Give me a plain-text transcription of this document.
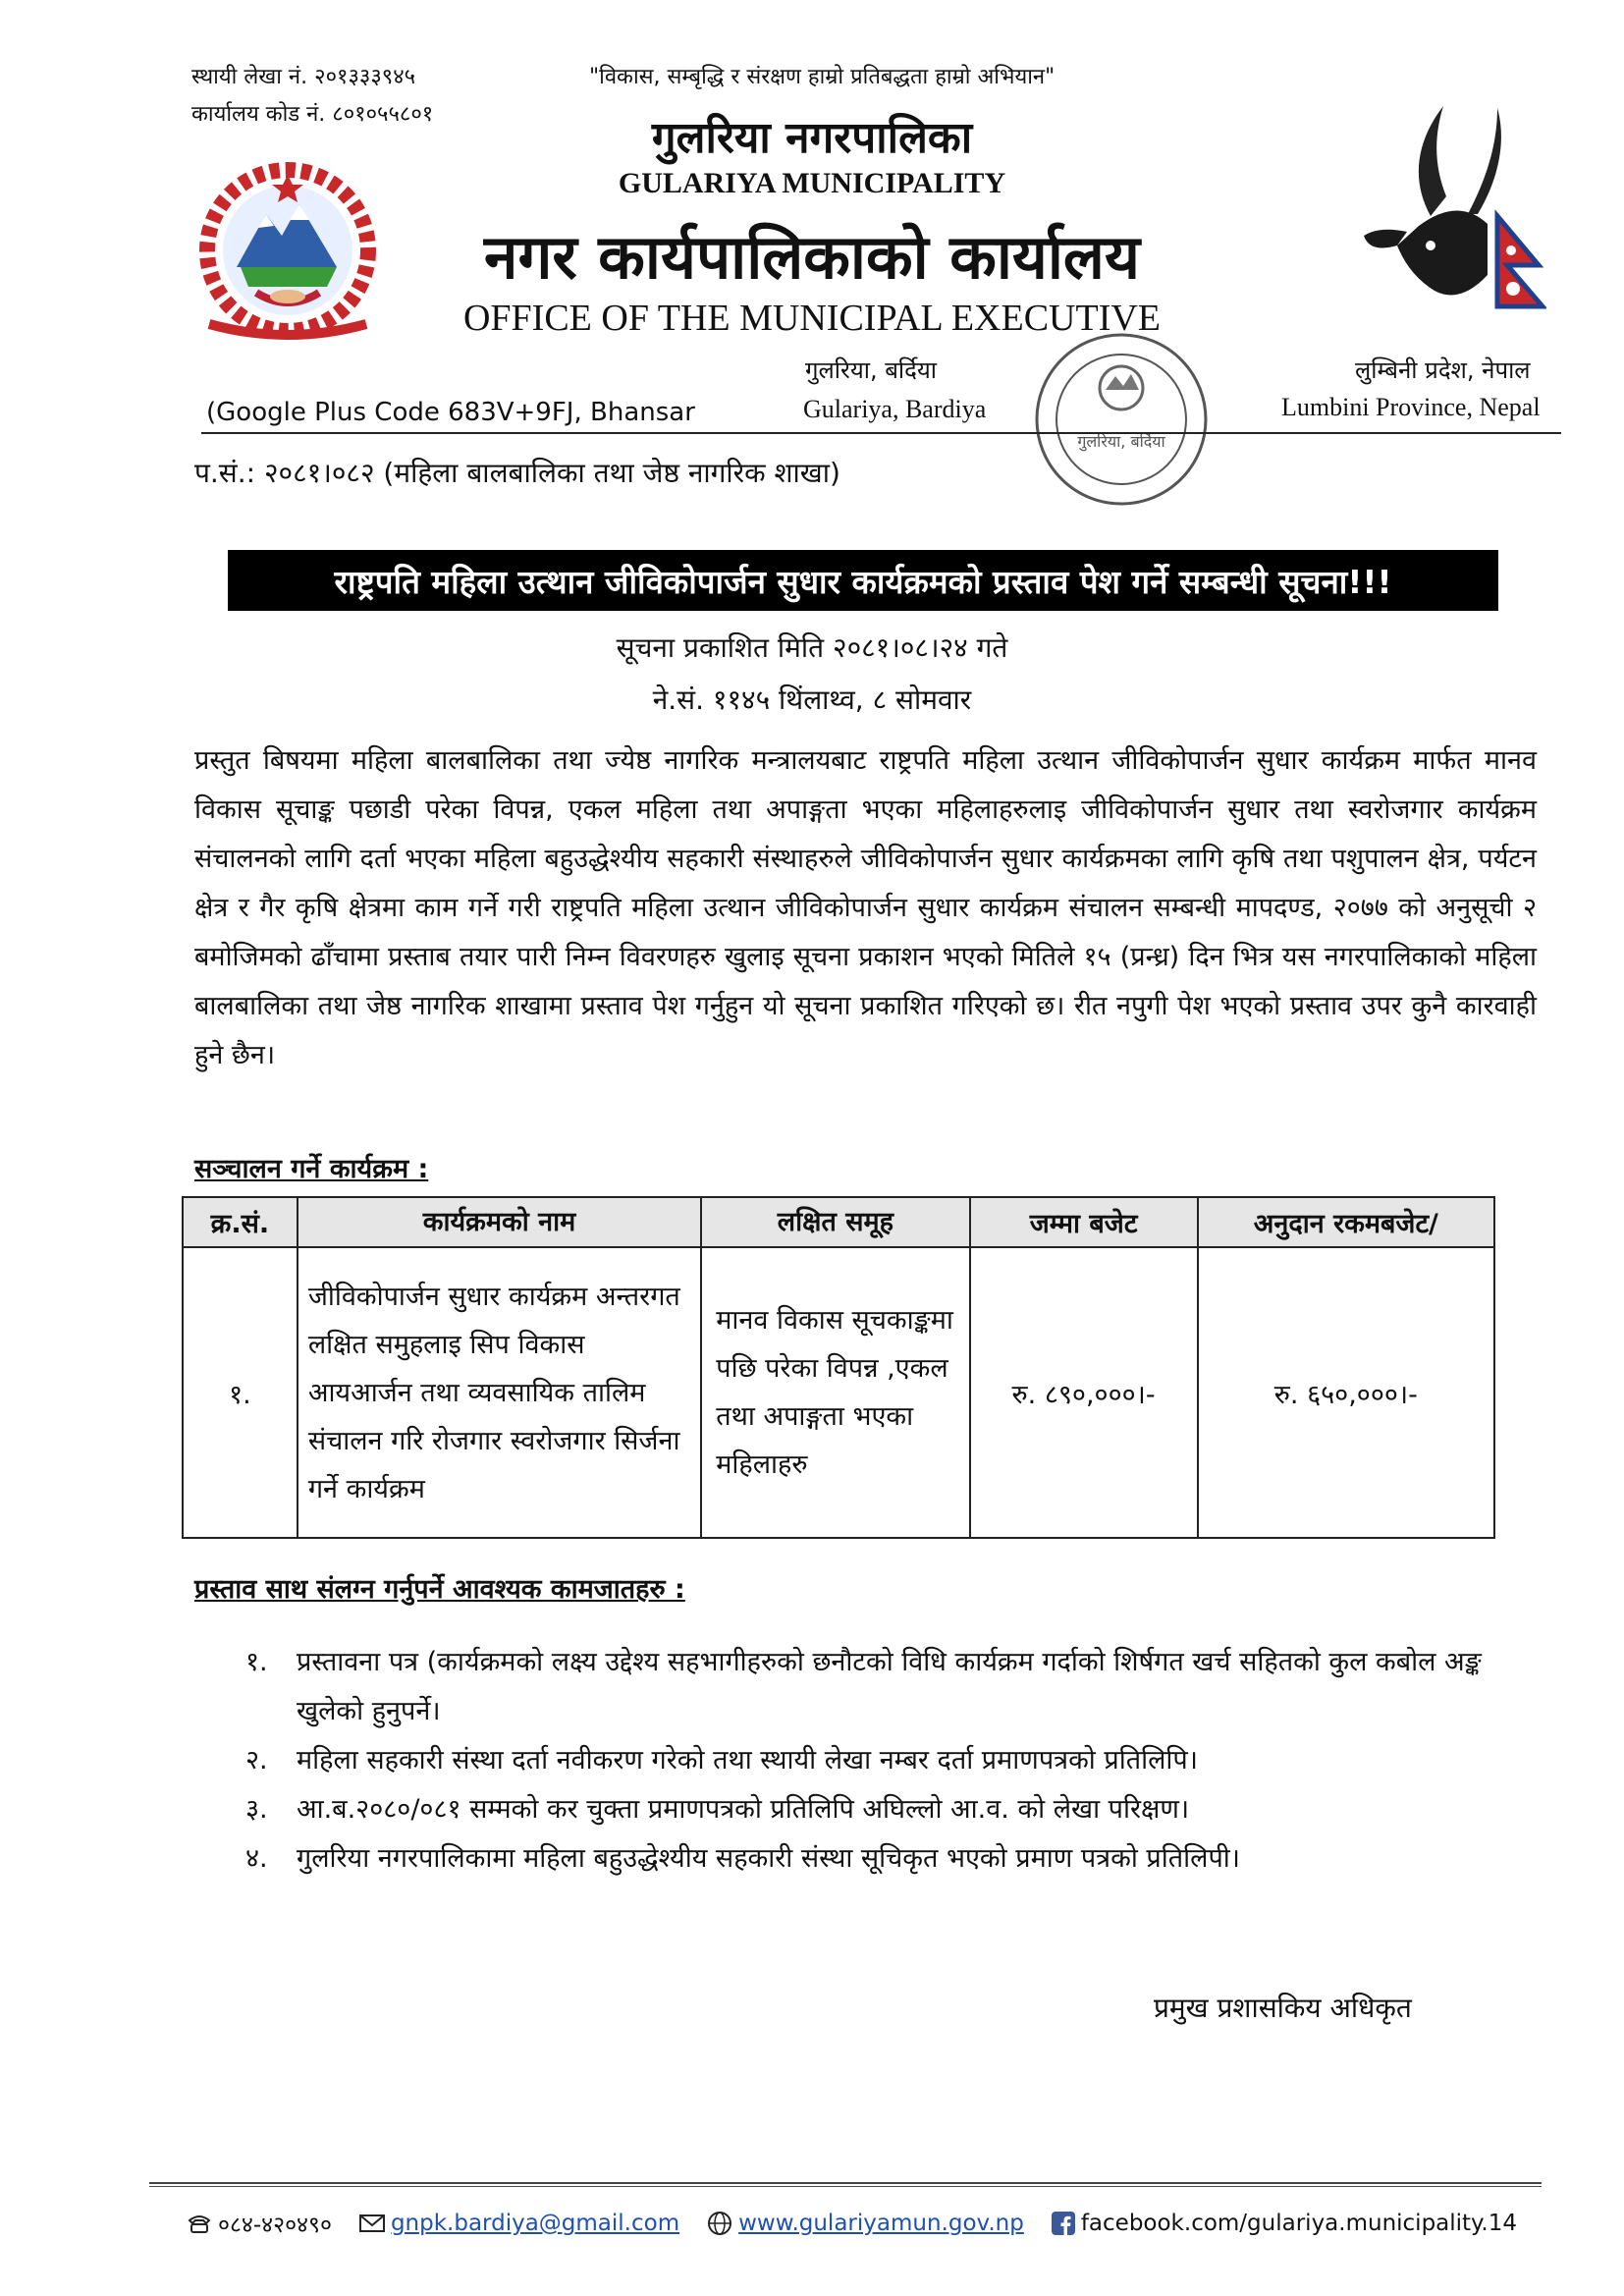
स्थायी लेखा नं. २०१३३३९४५
कार्यालय कोड नं. ८०१०५५८०१
"विकास, सम्बृद्धि र संरक्षण हाम्रो प्रतिबद्धता हाम्रो अभियान"
गुलरिया नगरपालिका
GULARIYA MUNICIPALITY
नगर कार्यपालिकाको कार्यालय
OFFICE OF THE MUNICIPAL EXECUTIVE
(Google Plus Code 683V+9FJ, Bhansar
गुलरिया, बर्दिया
Gulariya, Bardiya
लुम्बिनी प्रदेश, नेपाल
Lumbini Province, Nepal
गुलरिया, बर्दिया
प.सं.: २०८१।०८२ (महिला बालबालिका तथा जेष्ठ नागरिक शाखा)
राष्ट्रपति महिला उत्थान जीविकोपार्जन सुधार कार्यक्रमको प्रस्ताव पेश गर्ने सम्बन्धी सूचना!!!
सूचना प्रकाशित मिति २०८१।०८।२४ गते
ने.सं. ११४५ थिंलाथ्व, ८ सोमवार
प्रस्तुत बिषयमा महिला बालबालिका तथा ज्येष्ठ नागरिक मन्त्रालयबाट राष्ट्रपति महिला उत्थान जीविकोपार्जन सुधार कार्यक्रम मार्फत मानव विकास सूचाङ्क पछाडी परेका विपन्न, एकल महिला तथा अपाङ्गता भएका महिलाहरुलाइ जीविकोपार्जन सुधार तथा स्वरोजगार कार्यक्रम संचालनको लागि दर्ता भएका महिला बहुउद्धेश्यीय सहकारी संस्थाहरुले जीविकोपार्जन सुधार कार्यक्रमका लागि कृषि तथा पशुपालन क्षेत्र, पर्यटन क्षेत्र र गैर कृषि क्षेत्रमा काम गर्ने गरी राष्ट्रपति महिला उत्थान जीविकोपार्जन सुधार कार्यक्रम संचालन सम्बन्धी मापदण्ड, २०७७ को अनुसूची २ बमोजिमको ढाँचामा प्रस्ताब तयार पारी निम्न विवरणहरु खुलाइ सूचना प्रकाशन भएको मितिले १५ (प्रन्ध्र) दिन भित्र यस नगरपालिकाको महिला बालबालिका तथा जेष्ठ नागरिक शाखामा प्रस्ताव पेश गर्नुहुन यो सूचना प्रकाशित गरिएको छ। रीत नपुगी पेश भएको प्रस्ताव उपर कुनै कारवाही हुने छैन।
सञ्चालन गर्ने कार्यक्रम :
क्र.सं.	कार्यक्रमको नाम	लक्षित समूह	जम्मा बजेट	अनुदान रकमबजेट/
१.	जीविकोपार्जन सुधार कार्यक्रम अन्तरगत लक्षित समुहलाइ सिप विकास आयआर्जन तथा व्यवसायिक तालिम संचालन गरि रोजगार स्वरोजगार सिर्जना गर्ने कार्यक्रम	मानव विकास सूचकाङ्कमा पछि परेका विपन्न ,एकल तथा अपाङ्गता भएका महिलाहरु	रु. ८९०,०००।-	रु. ६५०,०००।-
प्रस्ताव साथ संलग्न गर्नुपर्ने आवश्यक कामजातहरु :
१.	प्रस्तावना पत्र (कार्यक्रमको लक्ष्य उद्देश्य सहभागीहरुको छनौटको विधि कार्यक्रम गर्दाको शिर्षगत खर्च सहितको कुल कबोल अङ्क खुलेको हुनुपर्ने।
२.	महिला सहकारी संस्था दर्ता नवीकरण गरेको तथा स्थायी लेखा नम्बर दर्ता प्रमाणपत्रको प्रतिलिपि।
३.	आ.ब.२०८०/०८१ सम्मको कर चुक्ता प्रमाणपत्रको प्रतिलिपि अघिल्लो आ.व. को लेखा परिक्षण।
४.	गुलरिया नगरपालिकामा महिला बहुउद्धेश्यीय सहकारी संस्था सूचिकृत भएको प्रमाण पत्रको प्रतिलिपी।
प्रमुख प्रशासकिय अधिकृत
०८४-४२०४९०	gnpk.bardiya@gmail.com	www.gulariyamun.gov.np	facebook.com/gulariya.municipality.14
